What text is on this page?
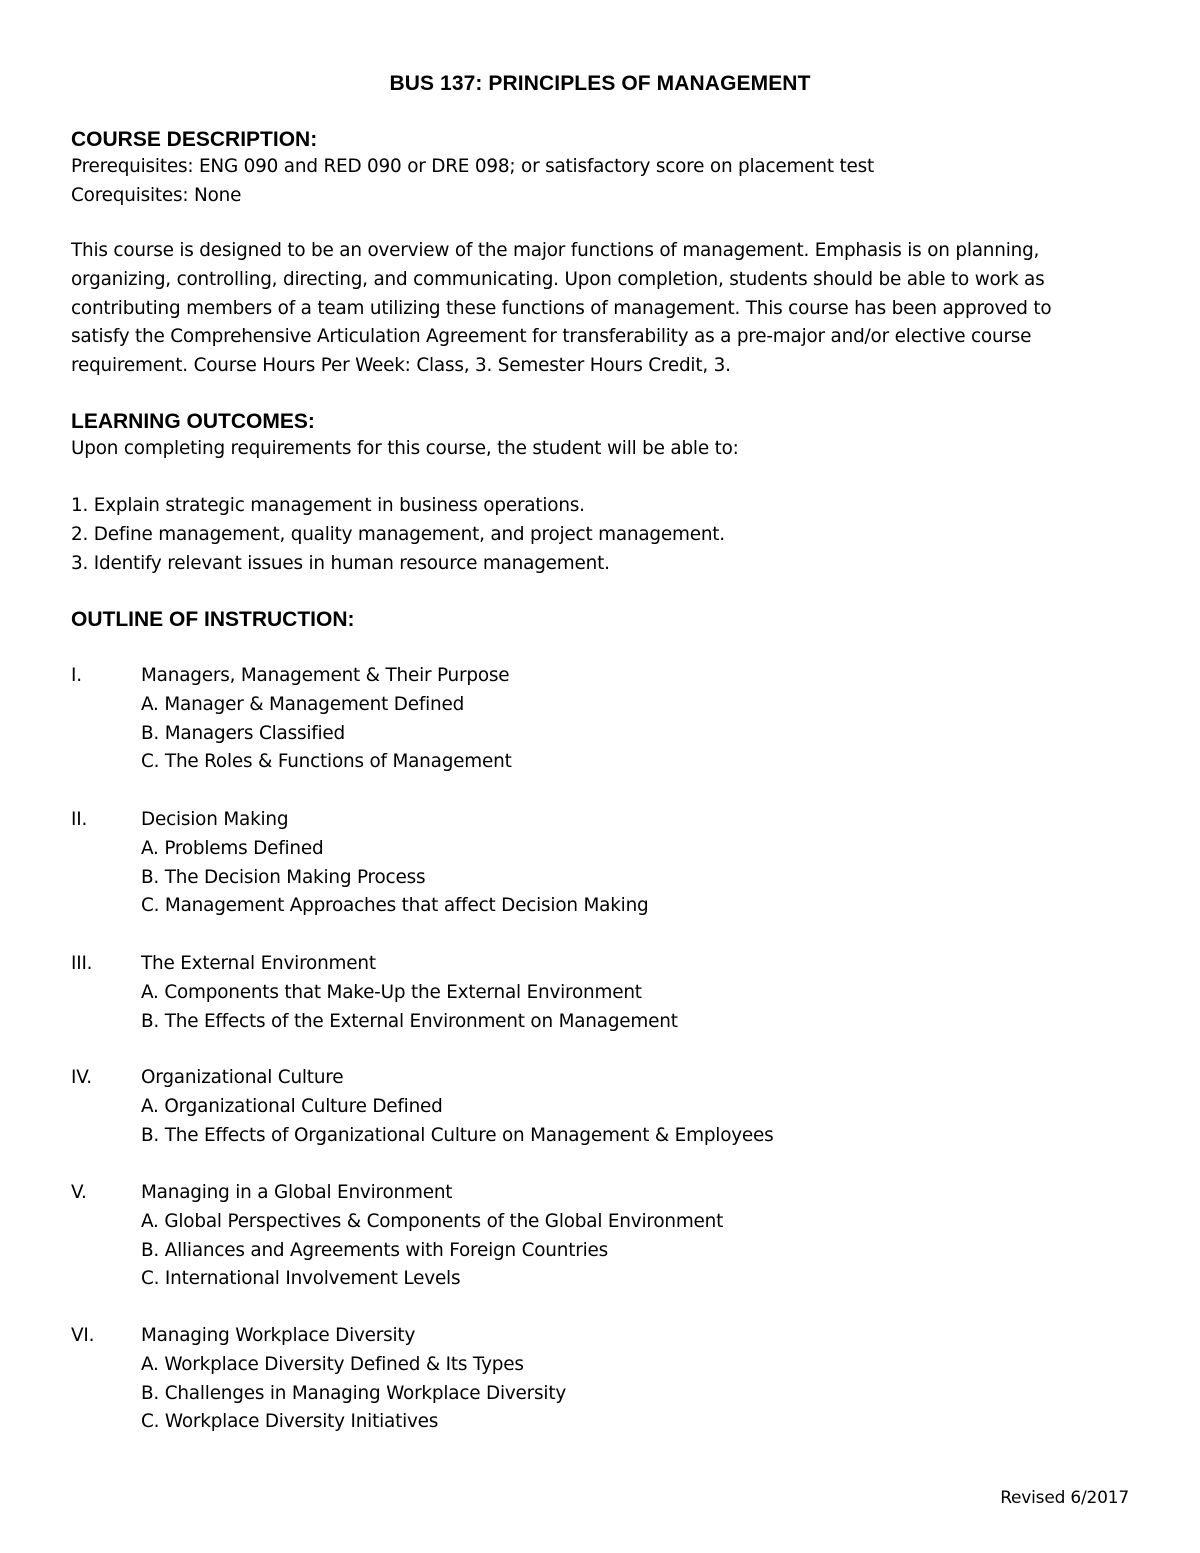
BUS 137: PRINCIPLES OF MANAGEMENT

COURSE DESCRIPTION:

Prerequisites: ENG 090 and RED 090 or DRE 098; or satisfactory score on placement test

Corequisites: None

This course is designed to be an overview of the major functions of management. Emphasis is on planning,

organizing, controlling, directing, and communicating. Upon completion, students should be able to work as

contributing members of a team utilizing these functions of management. This course has been approved to

satisfy the Comprehensive Articulation Agreement for transferability as a pre-major and/or elective course

requirement. Course Hours Per Week: Class, 3. Semester Hours Credit, 3.

LEARNING OUTCOMES:

Upon completing requirements for this course, the student will be able to:

1. Explain strategic management in business operations.

2. Define management, quality management, and project management.

3. Identify relevant issues in human resource management.

OUTLINE OF INSTRUCTION:

I.	Managers, Management & Their Purpose
A. Manager & Management Defined
B. Managers Classified
C. The Roles & Functions of Management
II.	Decision Making
A. Problems Defined
B. The Decision Making Process
C. Management Approaches that affect Decision Making
III.	The External Environment
A. Components that Make-Up the External Environment
B. The Effects of the External Environment on Management
IV.	Organizational Culture
A. Organizational Culture Defined
B. The Effects of Organizational Culture on Management & Employees
V.	Managing in a Global Environment
A. Global Perspectives & Components of the Global Environment
B. Alliances and Agreements with Foreign Countries
C. International Involvement Levels
VI.	Managing Workplace Diversity
A. Workplace Diversity Defined & Its Types
B. Challenges in Managing Workplace Diversity
C. Workplace Diversity Initiatives
Revised 6/2017
